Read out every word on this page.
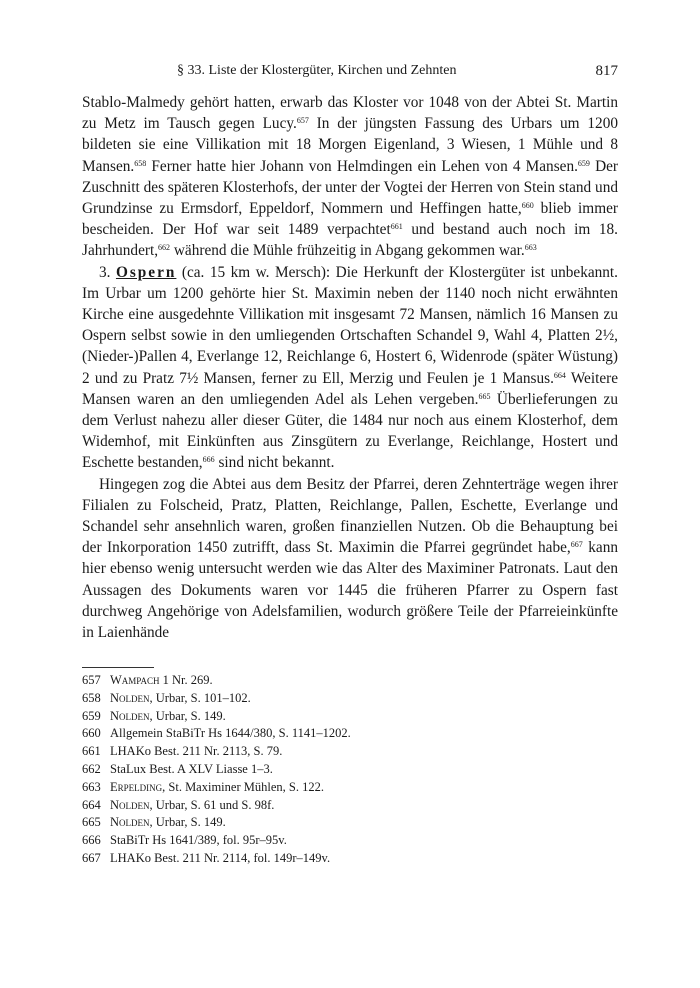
§ 33. Liste der Klostergüter, Kirchen und Zehnten	817

Stablo-Malmedy gehört hatten, erwarb das Kloster vor 1048 von der Abtei St. Martin zu Metz im Tausch gegen Lucy.$^{657}$ In der jüngsten Fassung des Urbars um 1200 bildeten sie eine Villikation mit 18 Morgen Eigenland, 3 Wiesen, 1 Mühle und 8 Mansen.$^{658}$ Ferner hatte hier Johann von Helmdingen ein Lehen von 4 Mansen.$^{659}$ Der Zuschnitt des späteren Klosterhofs, der unter der Vogtei der Herren von Stein stand und Grundzinse zu Ermsdorf, Eppeldorf, Nommern und Heffingen hatte,$^{660}$ blieb immer bescheiden. Der Hof war seit 1489 verpachtet$^{661}$ und bestand auch noch im 18. Jahrhundert,$^{662}$ während die Mühle frühzeitig in Abgang gekommen war.$^{663}$

3. Ospern (ca. 15 km w. Mersch): Die Herkunft der Klostergüter ist unbekannt. Im Urbar um 1200 gehörte hier St. Maximin neben der 1140 noch nicht erwähnten Kirche eine ausgedehnte Villikation mit insgesamt 72 Mansen, nämlich 16 Mansen zu Ospern selbst sowie in den umliegenden Ortschaften Schandel 9, Wahl 4, Platten 2½, (Nieder-)Pallen 4, Everlange 12, Reichlange 6, Hostert 6, Widenrode (später Wüstung) 2 und zu Pratz 7½ Mansen, ferner zu Ell, Merzig und Feulen je 1 Mansus.$^{664}$ Weitere Mansen waren an den umliegenden Adel als Lehen vergeben.$^{665}$ Überlieferungen zu dem Verlust nahezu aller dieser Güter, die 1484 nur noch aus einem Klosterhof, dem Widemhof, mit Einkünften aus Zinsgütern zu Everlange, Reichlange, Hostert und Eschette bestanden,$^{666}$ sind nicht bekannt.

Hingegen zog die Abtei aus dem Besitz der Pfarrei, deren Zehnterträge wegen ihrer Filialen zu Folscheid, Pratz, Platten, Reichlange, Pallen, Eschette, Everlange und Schandel sehr ansehnlich waren, großen finanziellen Nutzen. Ob die Behauptung bei der Inkorporation 1450 zutrifft, dass St. Maximin die Pfarrei gegründet habe,$^{667}$ kann hier ebenso wenig untersucht werden wie das Alter des Maximiner Patronats. Laut den Aussagen des Dokuments waren vor 1445 die früheren Pfarrer zu Ospern fast durchweg Angehörige von Adelsfamilien, wodurch größere Teile der Pfarreieinkünfte in Laienhände

657 Wampach 1 Nr. 269.
658 Nolden, Urbar, S. 101–102.
659 Nolden, Urbar, S. 149.
660 Allgemein StaBiTr Hs 1644/380, S. 1141–1202.
661 LHAKo Best. 211 Nr. 2113, S. 79.
662 StaLux Best. A XLV Liasse 1–3.
663 Erpelding, St. Maximiner Mühlen, S. 122.
664 Nolden, Urbar, S. 61 und S. 98f.
665 Nolden, Urbar, S. 149.
666 StaBiTr Hs 1641/389, fol. 95r–95v.
667 LHAKo Best. 211 Nr. 2114, fol. 149r–149v.
